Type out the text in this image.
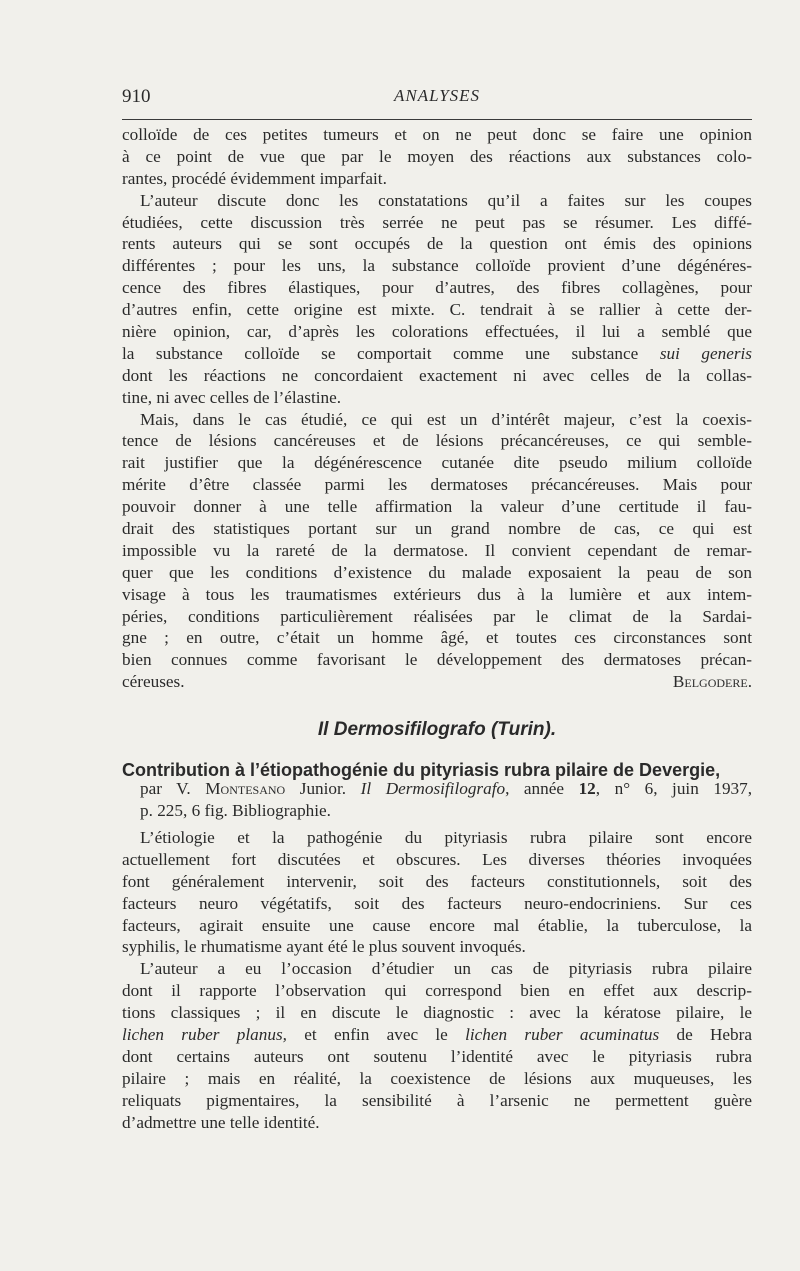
910	ANALYSES
colloïde de ces petites tumeurs et on ne peut donc se faire une opinion
à ce point de vue que par le moyen des réactions aux substances colo-
rantes, procédé évidemment imparfait.
L’auteur discute donc les constatations qu’il a faites sur les coupes
étudiées, cette discussion très serrée ne peut pas se résumer. Les diffé-
rents auteurs qui se sont occupés de la question ont émis des opinions
différentes ; pour les uns, la substance colloïde provient d’une dégénéres-
cence des fibres élastiques, pour d’autres, des fibres collagènes, pour
d’autres enfin, cette origine est mixte. C. tendrait à se rallier à cette der-
nière opinion, car, d’après les colorations effectuées, il lui a semblé que
la substance colloïde se comportait comme une substance sui generis
dont les réactions ne concordaient exactement ni avec celles de la collas-
tine, ni avec celles de l’élastine.
Mais, dans le cas étudié, ce qui est un d’intérêt majeur, c’est la coexis-
tence de lésions cancéreuses et de lésions précancéreuses, ce qui semble-
rait justifier que la dégénérescence cutanée dite pseudo milium colloïde
mérite d’être classée parmi les dermatoses précancéreuses. Mais pour
pouvoir donner à une telle affirmation la valeur d’une certitude il fau-
drait des statistiques portant sur un grand nombre de cas, ce qui est
impossible vu la rareté de la dermatose. Il convient cependant de remar-
quer que les conditions d’existence du malade exposaient la peau de son
visage à tous les traumatismes extérieurs dus à la lumière et aux intem-
péries, conditions particulièrement réalisées par le climat de la Sardai-
gne ; en outre, c’était un homme âgé, et toutes ces circonstances sont
bien connues comme favorisant le développement des dermatoses précan-
céreuses.	Belgodere.
Il Dermosifilografo (Turin).
Contribution à l’étiopathogénie du pityriasis rubra pilaire de Devergie,
par V. Montesano Junior. Il Dermosifilografo, année 12, n° 6, juin 1937,
p. 225, 6 fig. Bibliographie.
L’étiologie et la pathogénie du pityriasis rubra pilaire sont encore
actuellement fort discutées et obscures. Les diverses théories invoquées
font généralement intervenir, soit des facteurs constitutionnels, soit des
facteurs neuro végétatifs, soit des facteurs neuro-endocriniens. Sur ces
facteurs, agirait ensuite une cause encore mal établie, la tuberculose, la
syphilis, le rhumatisme ayant été le plus souvent invoqués.
L’auteur a eu l’occasion d’étudier un cas de pityriasis rubra pilaire
dont il rapporte l’observation qui correspond bien en effet aux descrip-
tions classiques ; il en discute le diagnostic : avec la kératose pilaire, le
lichen ruber planus, et enfin avec le lichen ruber acuminatus de Hebra
dont certains auteurs ont soutenu l’identité avec le pityriasis rubra
pilaire ; mais en réalité, la coexistence de lésions aux muqueuses, les
reliquats pigmentaires, la sensibilité à l’arsenic ne permettent guère
d’admettre une telle identité.
